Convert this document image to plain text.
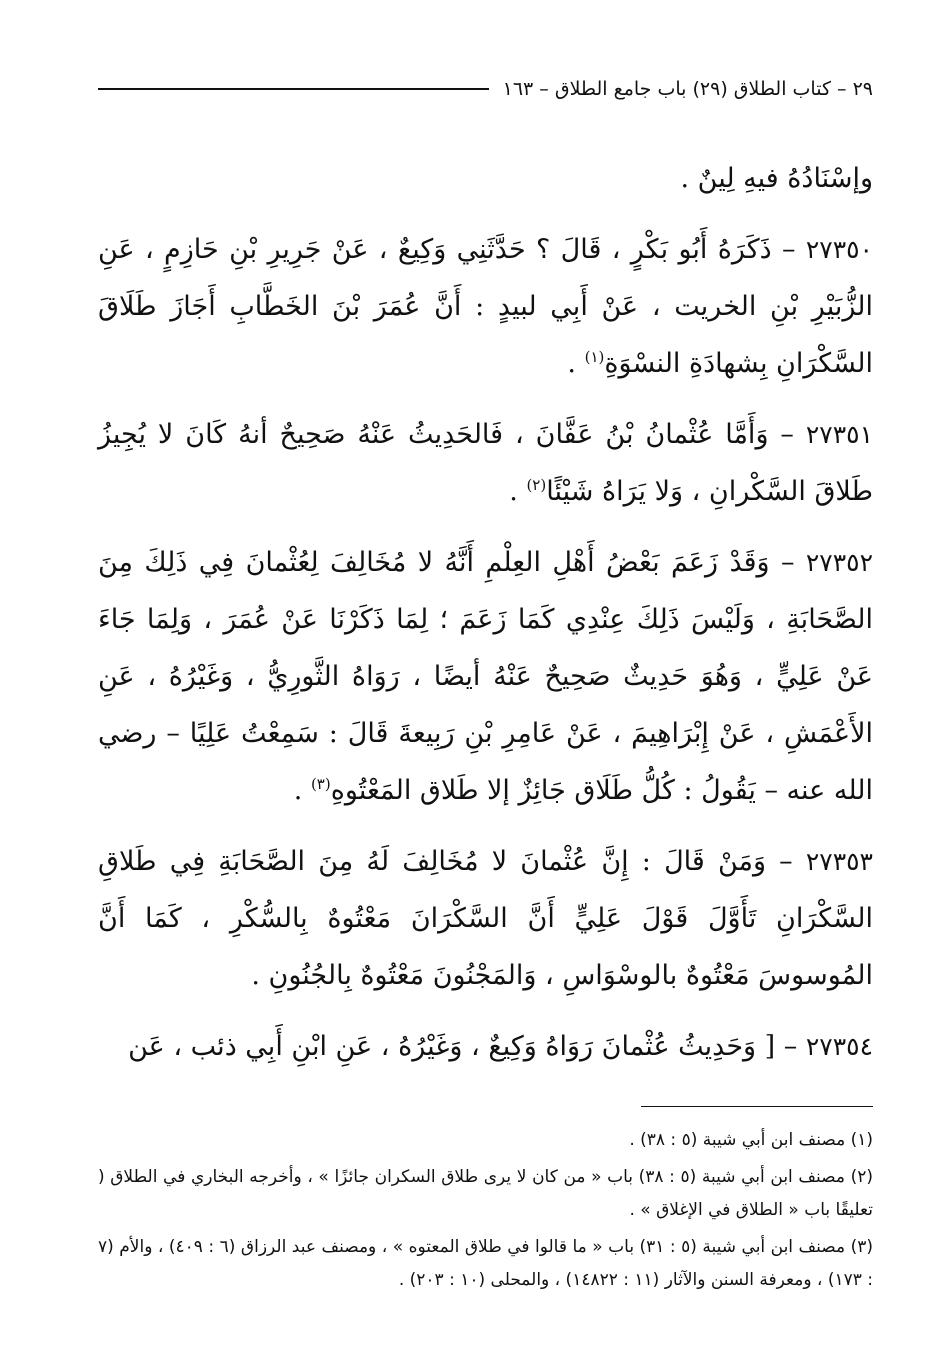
٢٩ – كتاب الطلاق (٢٩) باب جامع الطلاق – ١٦٣

وإسْنَادُهُ فيهِ لِينٌ .

٢٧٣٥٠ – ذَكَرَهُ أَبُو بَكْرٍ ، قَالَ ؟ حَدَّثَنِي وَكِيعٌ ، عَنْ جَرِيرِ بْنِ حَازِمٍ ، عَنِ الزُّبَيْرِ بْنِ الخريت ، عَنْ أَبِي لبيدٍ : أَنَّ عُمَرَ بْنَ الخَطَّابِ أَجَازَ طَلَاقَ السَّكْرَانِ بِشهادَةِ النسْوَةِ$^{(١)}$ .

٢٧٣٥١ – وَأَمَّا عُثْمانُ بْنُ عَفَّانَ ، فَالحَدِيثُ عَنْهُ صَحِيحٌ أنهُ كَانَ لا يُجِيزُ طَلاقَ السَّكْرانِ ، وَلا يَرَاهُ شَيْئًا$^{(٢)}$ .

٢٧٣٥٢ – وَقَدْ زَعَمَ بَعْضُ أَهْلِ العِلْمِ أَنَّهُ لا مُخَالِفَ لِعُثْمانَ فِي ذَلِكَ مِنَ الصَّحَابَةِ ، وَلَيْسَ ذَلِكَ عِنْدِي كَمَا زَعَمَ ؛ لِمَا ذَكَرْنَا عَنْ عُمَرَ ، وَلِمَا جَاءَ عَنْ عَلِيٍّ ، وَهُوَ حَدِيثٌ صَحِيحٌ عَنْهُ أيضًا ، رَوَاهُ الثَّورِيُّ ، وَغَيْرُهُ ، عَنِ الأَعْمَشِ ، عَنْ إِبْرَاهِيمَ ، عَنْ عَامِرِ بْنِ رَبِيعةَ قَالَ : سَمِعْتُ عَلِيًا – رضي الله عنه – يَقُولُ : كُلُّ طَلَاق جَائِزٌ إلا طَلاق المَعْتُوهِ$^{(٣)}$ .

٢٧٣٥٣ – وَمَنْ قَالَ : إِنَّ عُثْمانَ لا مُخَالِفَ لَهُ مِنَ الصَّحَابَةِ فِي طَلاقِ السَّكْرَانِ تَأَوَّلَ قَوْلَ عَلِيٍّ أَنَّ السَّكْرَانَ مَعْتُوهٌ بِالسُّكْرِ ، كَمَا أَنَّ المُوسوسَ مَعْتُوهٌ بالوسْوَاسِ ، وَالمَجْنُونَ مَعْتُوهٌ بِالجُنُونِ .

٢٧٣٥٤ – [ وَحَدِيثُ عُثْمانَ رَوَاهُ وَكِيعٌ ، وَغَيْرُهُ ، عَنِ ابْنِ أَبِي ذئب ، عَن

(١) مصنف ابن أبي شيبة (٥ : ٣٨) .

(٢) مصنف ابن أبي شيبة (٥ : ٣٨) باب « من كان لا يرى طلاق السكران جائزًا » ، وأخرجه البخاري في الطلاق ( تعليقًا باب « الطلاق في الإغلاق » .

(٣) مصنف ابن أبي شيبة (٥ : ٣١) باب « ما قالوا في طلاق المعتوه » ، ومصنف عبد الرزاق (٦ : ٤٠٩) ، والأم (٧ : ١٧٣) ، ومعرفة السنن والآثار (١١ : ١٤٨٢٢) ، والمحلى (١٠ : ٢٠٣) .
